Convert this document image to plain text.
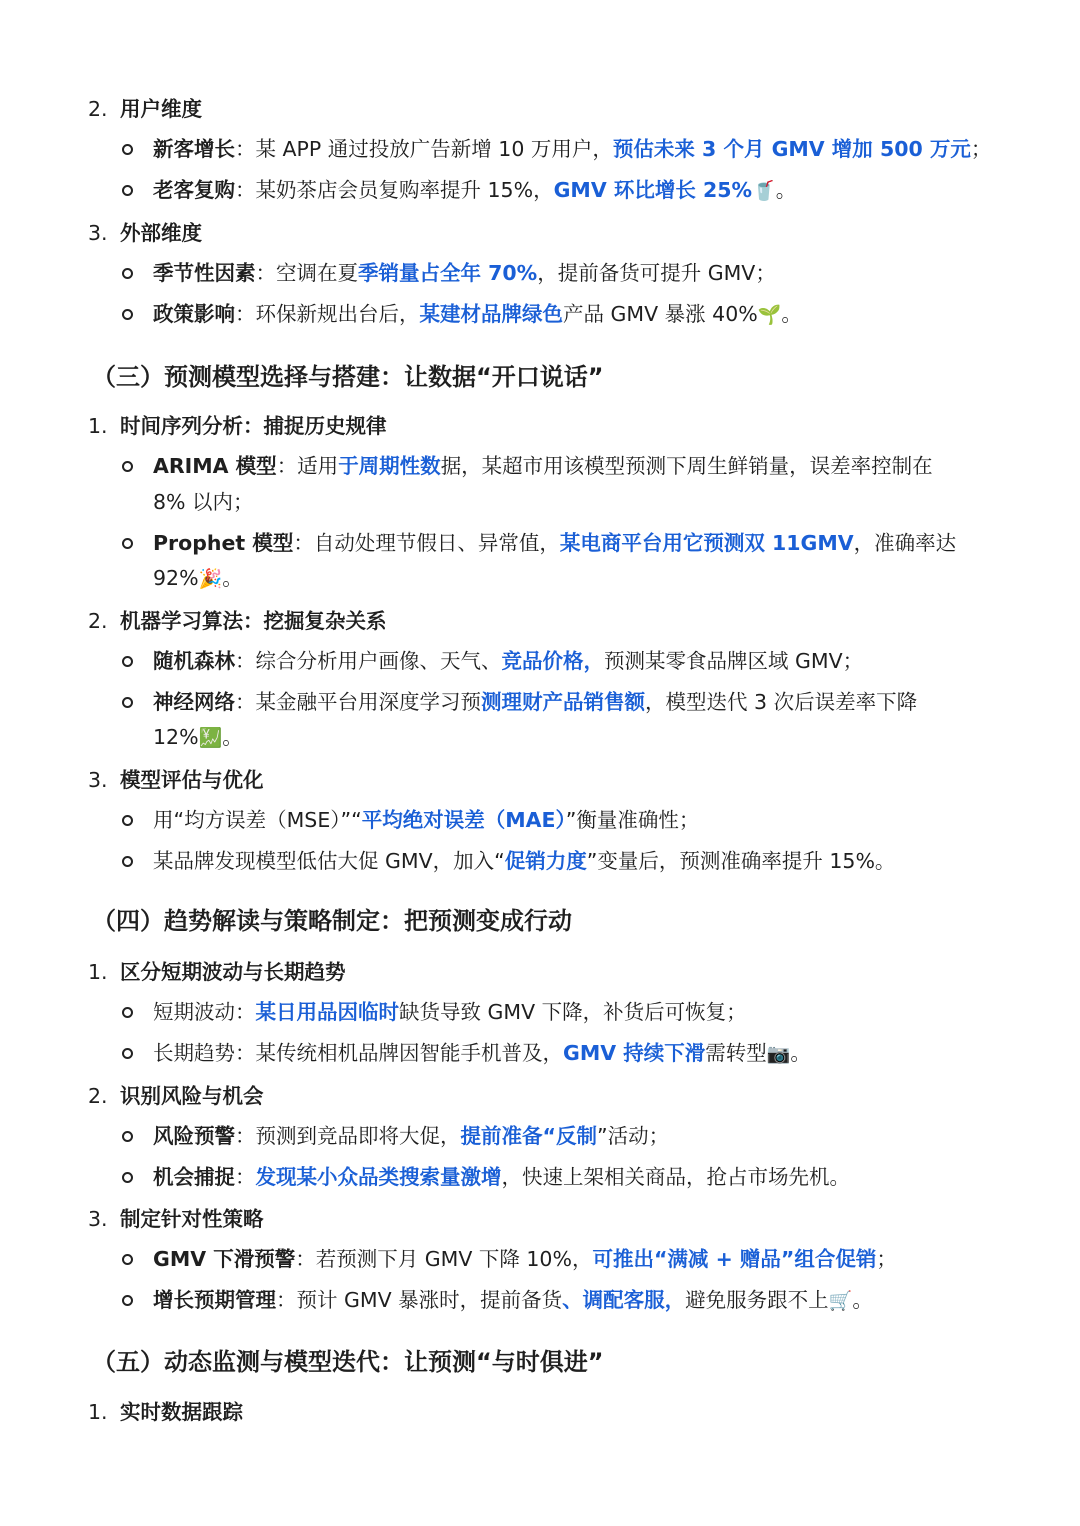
2. 用户维度
新客增长：某 APP 通过投放广告新增 10 万用户，预估未来 3 个月 GMV 增加 500 万元；
老客复购：某奶茶店会员复购率提升 15%，GMV 环比增长 25%🥤。
3. 外部维度
季节性因素：空调在夏季销量占全年 70%，提前备货可提升 GMV；
政策影响：环保新规出台后，某建材品牌绿色产品 GMV 暴涨 40%🌱。
（三）预测模型选择与搭建：让数据“开口说话”
1. 时间序列分析：捕捉历史规律
ARIMA 模型：适用于周期性数据，某超市用该模型预测下周生鲜销量，误差率控制在
8% 以内；
Prophet 模型：自动处理节假日、异常值，某电商平台用它预测双 11GMV，准确率达
92%🎉。
2. 机器学习算法：挖掘复杂关系
随机森林：综合分析用户画像、天气、竞品价格，预测某零食品牌区域 GMV；
神经网络：某金融平台用深度学习预测理财产品销售额，模型迭代 3 次后误差率下降
12%💹。
3. 模型评估与优化
用“均方误差（MSE）”“平均绝对误差（MAE）”衡量准确性；
某品牌发现模型低估大促 GMV，加入“促销力度”变量后，预测准确率提升 15%。
（四）趋势解读与策略制定：把预测变成行动
1. 区分短期波动与长期趋势
短期波动：某日用品因临时缺货导致 GMV 下降，补货后可恢复；
长期趋势：某传统相机品牌因智能手机普及，GMV 持续下滑需转型📷。
2. 识别风险与机会
风险预警：预测到竞品即将大促，提前准备“反制”活动；
机会捕捉：发现某小众品类搜索量激增，快速上架相关商品，抢占市场先机。
3. 制定针对性策略
GMV 下滑预警：若预测下月 GMV 下降 10%，可推出“满减 + 赠品”组合促销；
增长预期管理：预计 GMV 暴涨时，提前备货、调配客服，避免服务跟不上🛒。
（五）动态监测与模型迭代：让预测“与时俱进”
1. 实时数据跟踪
